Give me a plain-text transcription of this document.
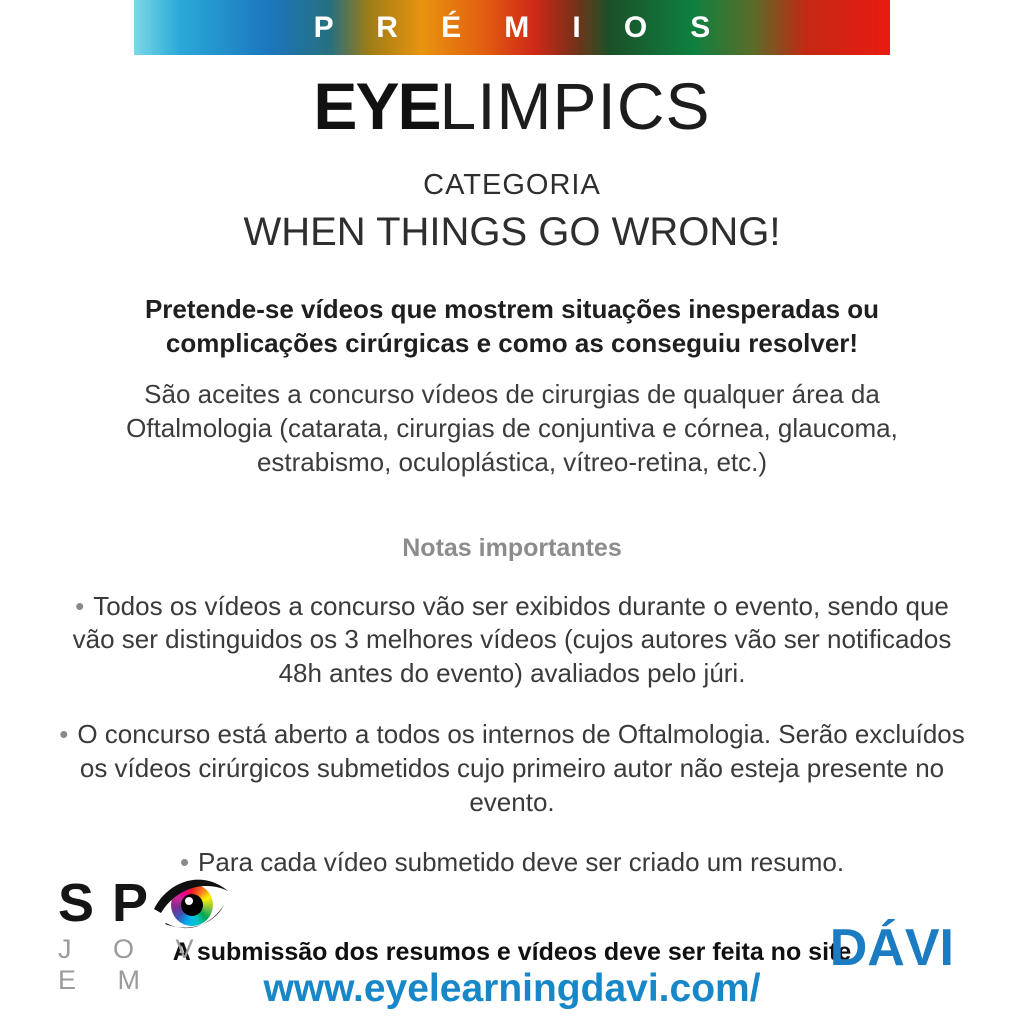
P R É M I O S
EYELIMPICS
CATEGORIA
WHEN THINGS GO WRONG!

Pretende-se vídeos que mostrem situações inesperadas ou complicações cirúrgicas e como as conseguiu resolver!

São aceites a concurso vídeos de cirurgias de qualquer área da Oftalmologia (catarata, cirurgias de conjuntiva e córnea, glaucoma, estrabismo, oculoplástica, vítreo-retina, etc.)

Notas importantes

• Todos os vídeos a concurso vão ser exibidos durante o evento, sendo que vão ser distinguidos os 3 melhores vídeos (cujos autores vão ser notificados 48h antes do evento) avaliados pelo júri.

• O concurso está aberto a todos os internos de Oftalmologia. Serão excluídos os vídeos cirúrgicos submetidos cujo primeiro autor não esteja presente no evento.

• Para cada vídeo submetido deve ser criado um resumo.

A submissão dos resumos e vídeos deve ser feita no site
www.eyelearningdavi.com/
S P
J O V E M
DÁVI
